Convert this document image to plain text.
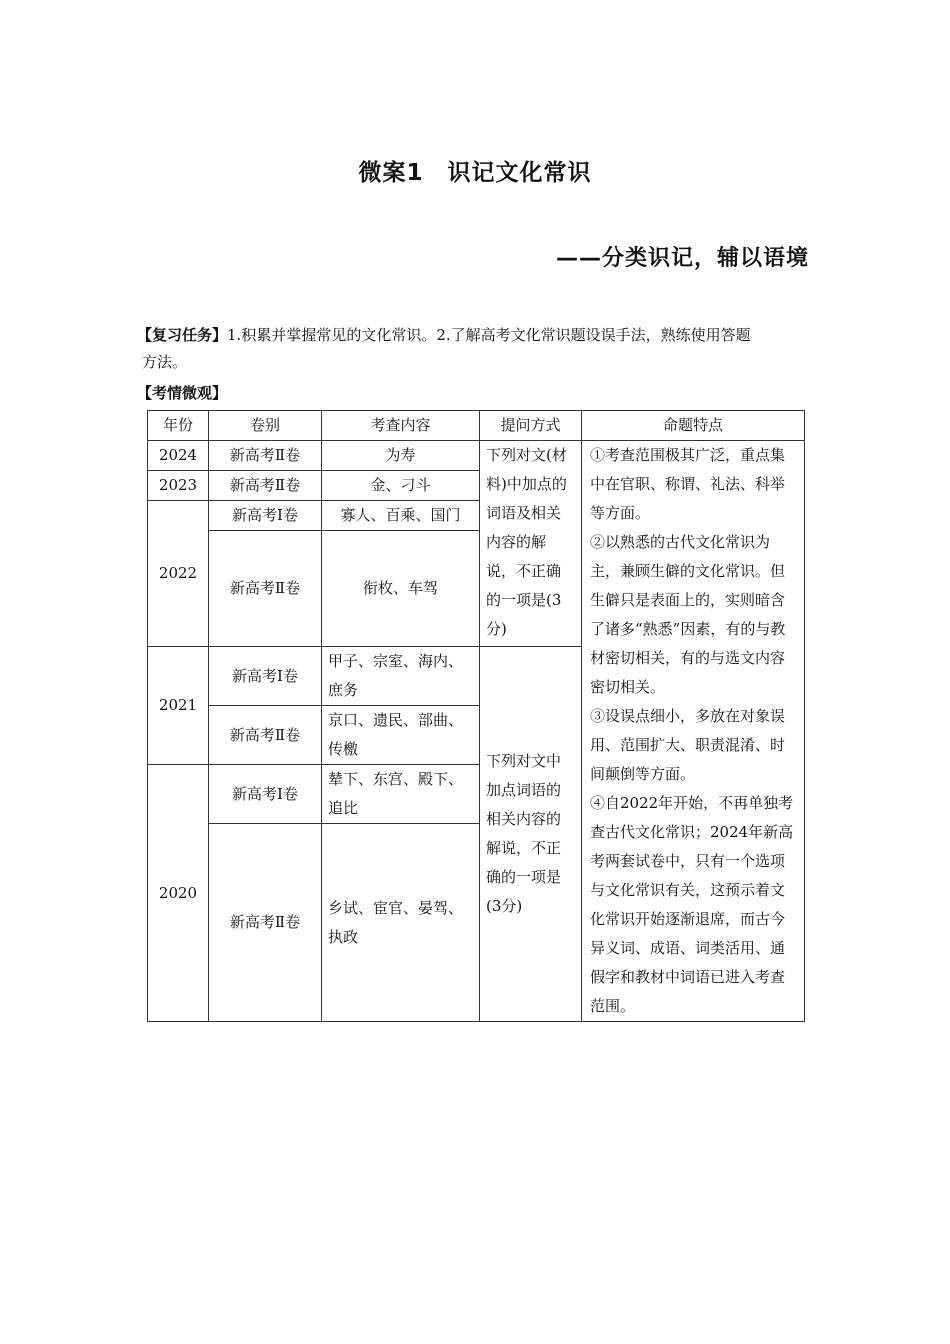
微案1　识记文化常识
——分类识记，辅以语境
【复习任务】1.积累并掌握常见的文化常识。2.了解高考文化常识题设误手法，熟练使用答题
方法。
【考情微观】
年份	卷别	考查内容	提问方式	命题特点
2024	新高考Ⅱ卷	为寿	下列对文(材料)中加点的词语及相关内容的解说，不正确的一项是(3分)	①考查范围极其广泛，重点集中在官职、称谓、礼法、科举等方面。

②以熟悉的古代文化常识为主，兼顾生僻的文化常识。但生僻只是表面上的，实则暗含了诸多“熟悉”因素，有的与教材密切相关，有的与选文内容密切相关。

③设误点细小，多放在对象误用、范围扩大、职责混淆、时间颠倒等方面。

④自2022年开始，不再单独考查古代文化常识；2024年新高考两套试卷中，只有一个选项与文化常识有关，这预示着文化常识开始逐渐退席，而古今异义词、成语、词类活用、通假字和教材中词语已进入考查范围。

2023	新高考Ⅱ卷	金、刁斗		
2022	新高考Ⅰ卷	寡人、百乘、国门		
	新高考Ⅱ卷	衔枚、车驾		
2021	新高考Ⅰ卷	甲子、宗室、海内、庶务	下列对文中加点词语的相关内容的解说，不正确的一项是(3分)	
	新高考Ⅱ卷	京口、遗民、部曲、传檄		
2020	新高考Ⅰ卷	辇下、东宫、殿下、追比		
	新高考Ⅱ卷	乡试、宦官、晏驾、执政		
